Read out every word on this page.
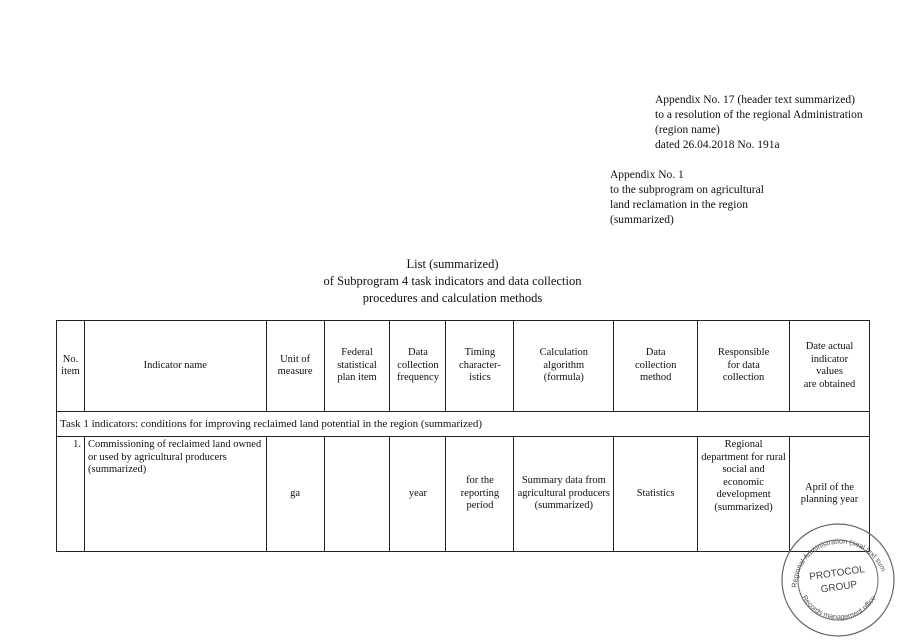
Appendix No. 17 (header text summarized)
to a resolution of the regional Administration
(region name)
dated 26.04.2018 No. 191a
Appendix No. 1
to the subprogram on agricultural
land reclamation in the region
(summarized)
List (summarized)
of Subprogram 4 task indicators and data collection
procedures and calculation methods
No.
item	Indicator name	Unit of
measure	Federal
statistical
plan item	Data
collection
frequency	Timing
character-
istics	Calculation
algorithm
(formula)	Data
collection
method	Responsible
for data
collection	Date actual
indicator
values
are obtained
Task 1 indicators: conditions for improving reclaimed land potential in the region (summarized)									
1.	Commissioning of reclaimed land owned or used by agricultural producers (summarized)	ga		year	for the reporting period	Summary data from agricultural producers (summarized)	Statistics	Regional department for rural social and economic development (summarized)	April of the planning year
Regional Administration (seal text summarized)
Records management office
PROTOCOL
GROUP
